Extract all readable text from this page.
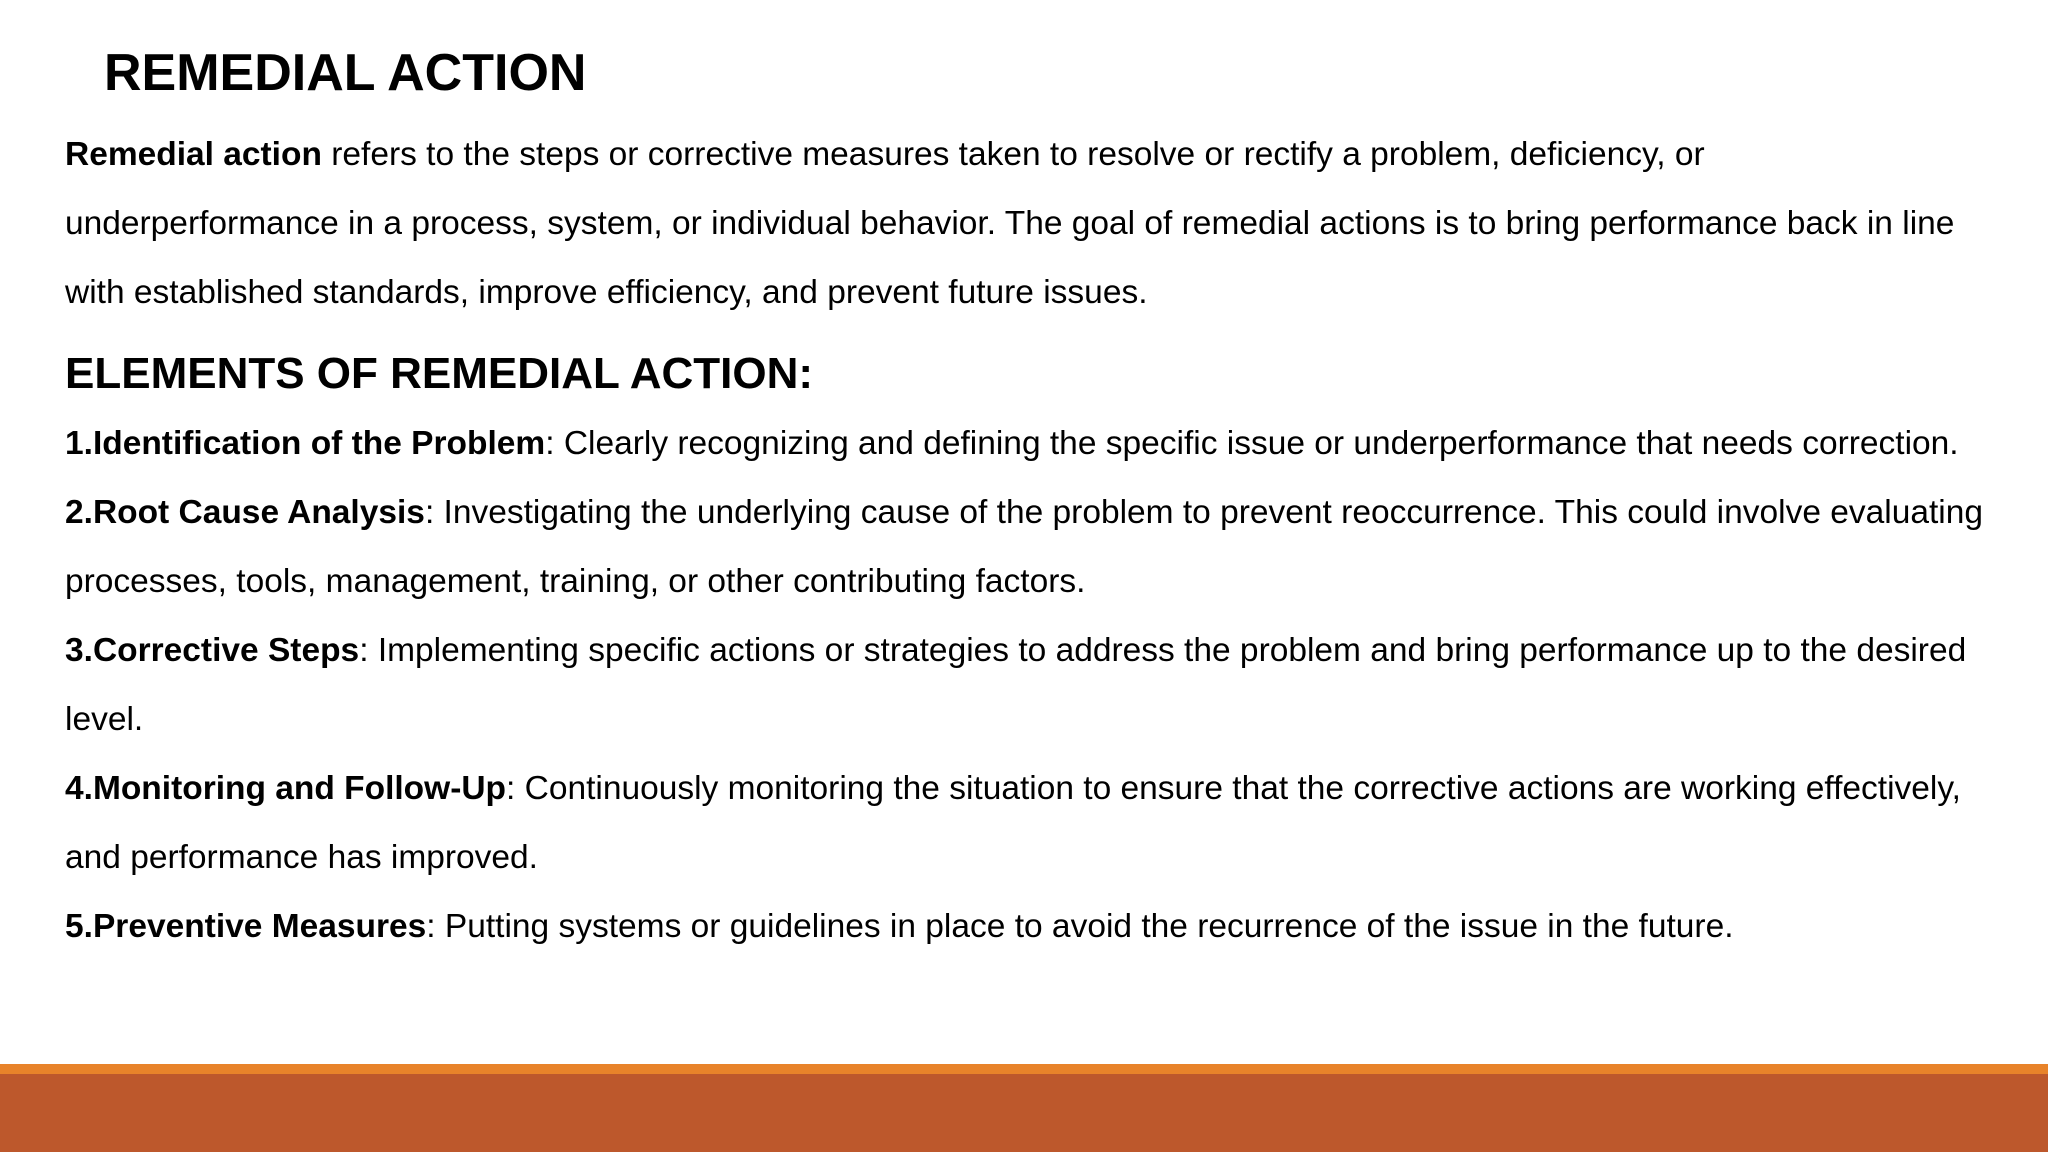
REMEDIAL ACTION

Remedial action refers to the steps or corrective measures taken to resolve or rectify a problem, deficiency, or underperformance in a process, system, or individual behavior. The goal of remedial actions is to bring performance back in line with established standards, improve efficiency, and prevent future issues.

ELEMENTS OF REMEDIAL ACTION:

1.Identification of the Problem: Clearly recognizing and defining the specific issue or underperformance that needs correction.

2.Root Cause Analysis: Investigating the underlying cause of the problem to prevent reoccurrence. This could involve evaluating processes, tools, management, training, or other contributing factors.

3.Corrective Steps: Implementing specific actions or strategies to address the problem and bring performance up to the desired level.

4.Monitoring and Follow-Up: Continuously monitoring the situation to ensure that the corrective actions are working effectively, and performance has improved.

5.Preventive Measures: Putting systems or guidelines in place to avoid the recurrence of the issue in the future.
